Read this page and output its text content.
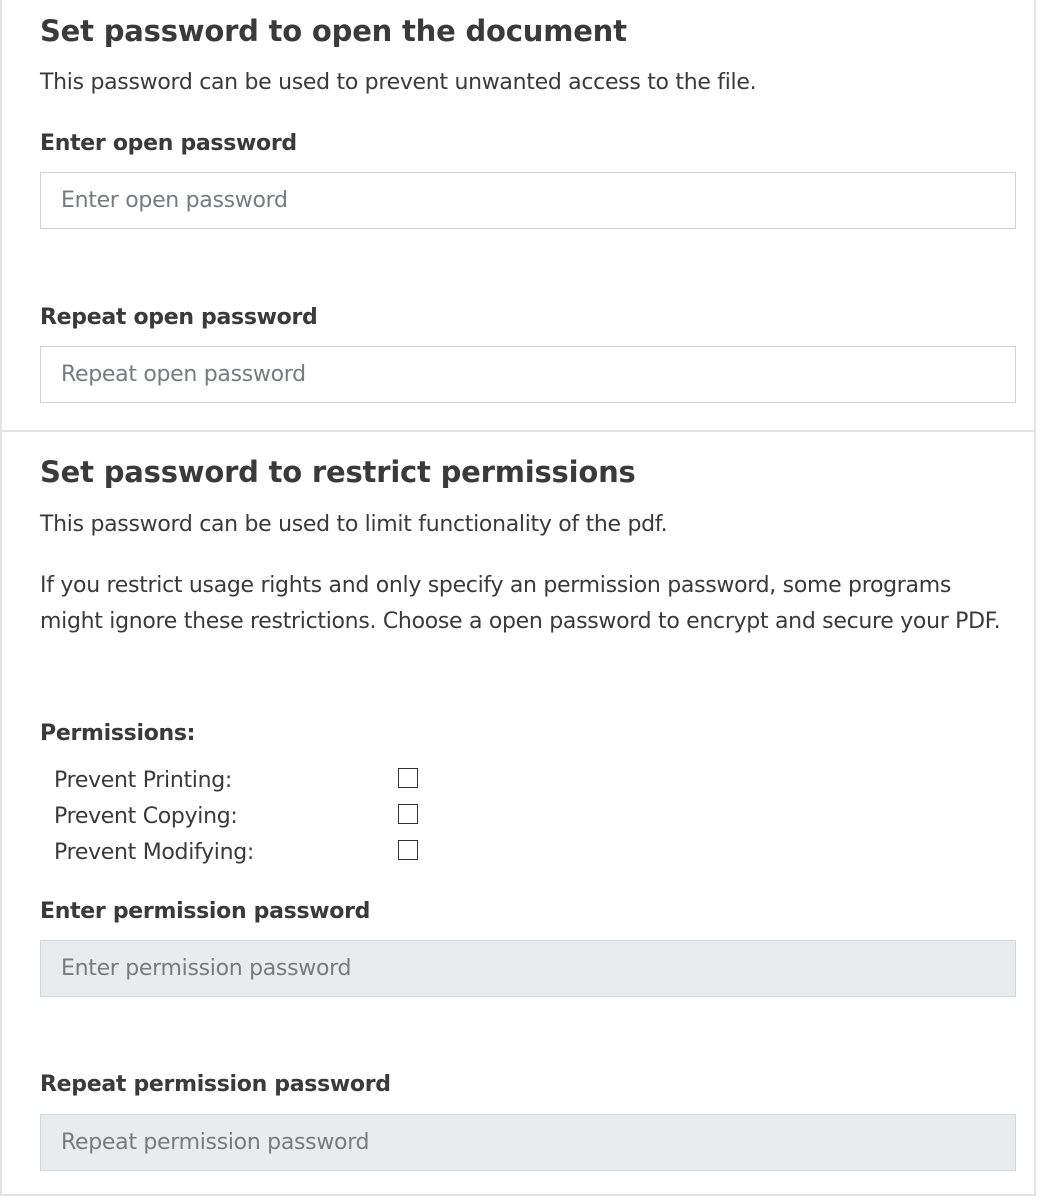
Set password to open the document
This password can be used to prevent unwanted access to the file.
Enter open password
Repeat open password
Set password to restrict permissions
This password can be used to limit functionality of the pdf.
If you restrict usage rights and only specify an permission password, some programs might ignore these restrictions. Choose a open password to encrypt and secure your PDF.
Permissions:
Prevent Printing:
Prevent Copying:
Prevent Modifying:
Enter permission password
Repeat permission password
